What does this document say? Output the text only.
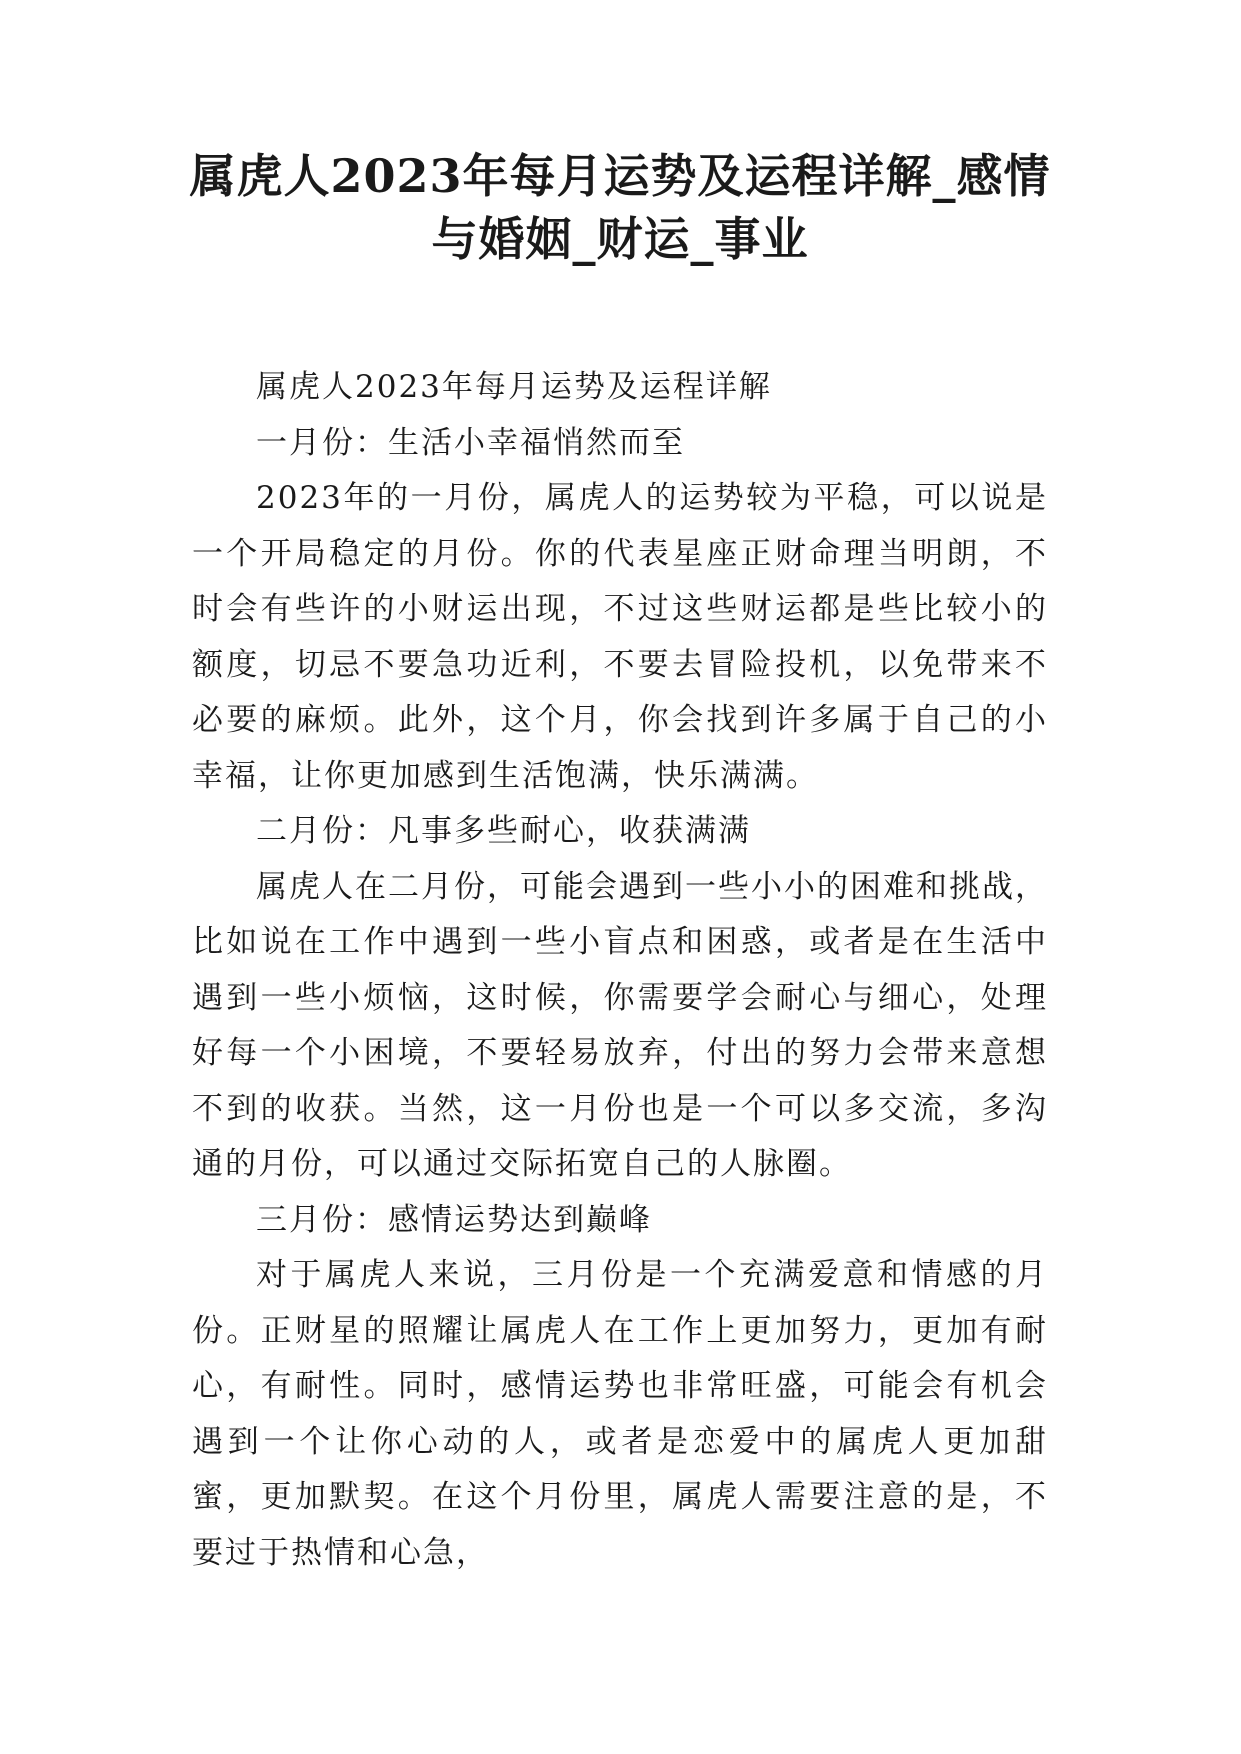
属虎人2023年每月运势及运程详解_感情与婚姻_财运_事业

属虎人2023年每月运势及运程详解

一月份：生活小幸福悄然而至

2023年的一月份，属虎人的运势较为平稳，可以说是一个开局稳定的月份。你的代表星座正财命理当明朗，不时会有些许的小财运出现，不过这些财运都是些比较小的额度，切忌不要急功近利，不要去冒险投机，以免带来不必要的麻烦。此外，这个月，你会找到许多属于自己的小幸福，让你更加感到生活饱满，快乐满满。

二月份：凡事多些耐心，收获满满

属虎人在二月份，可能会遇到一些小小的困难和挑战，比如说在工作中遇到一些小盲点和困惑，或者是在生活中遇到一些小烦恼，这时候，你需要学会耐心与细心，处理好每一个小困境，不要轻易放弃，付出的努力会带来意想不到的收获。当然，这一月份也是一个可以多交流，多沟通的月份，可以通过交际拓宽自己的人脉圈。

三月份：感情运势达到巅峰

对于属虎人来说，三月份是一个充满爱意和情感的月份。正财星的照耀让属虎人在工作上更加努力，更加有耐心，有耐性。同时，感情运势也非常旺盛，可能会有机会遇到一个让你心动的人，或者是恋爱中的属虎人更加甜蜜，更加默契。在这个月份里，属虎人需要注意的是，不要过于热情和心急，
